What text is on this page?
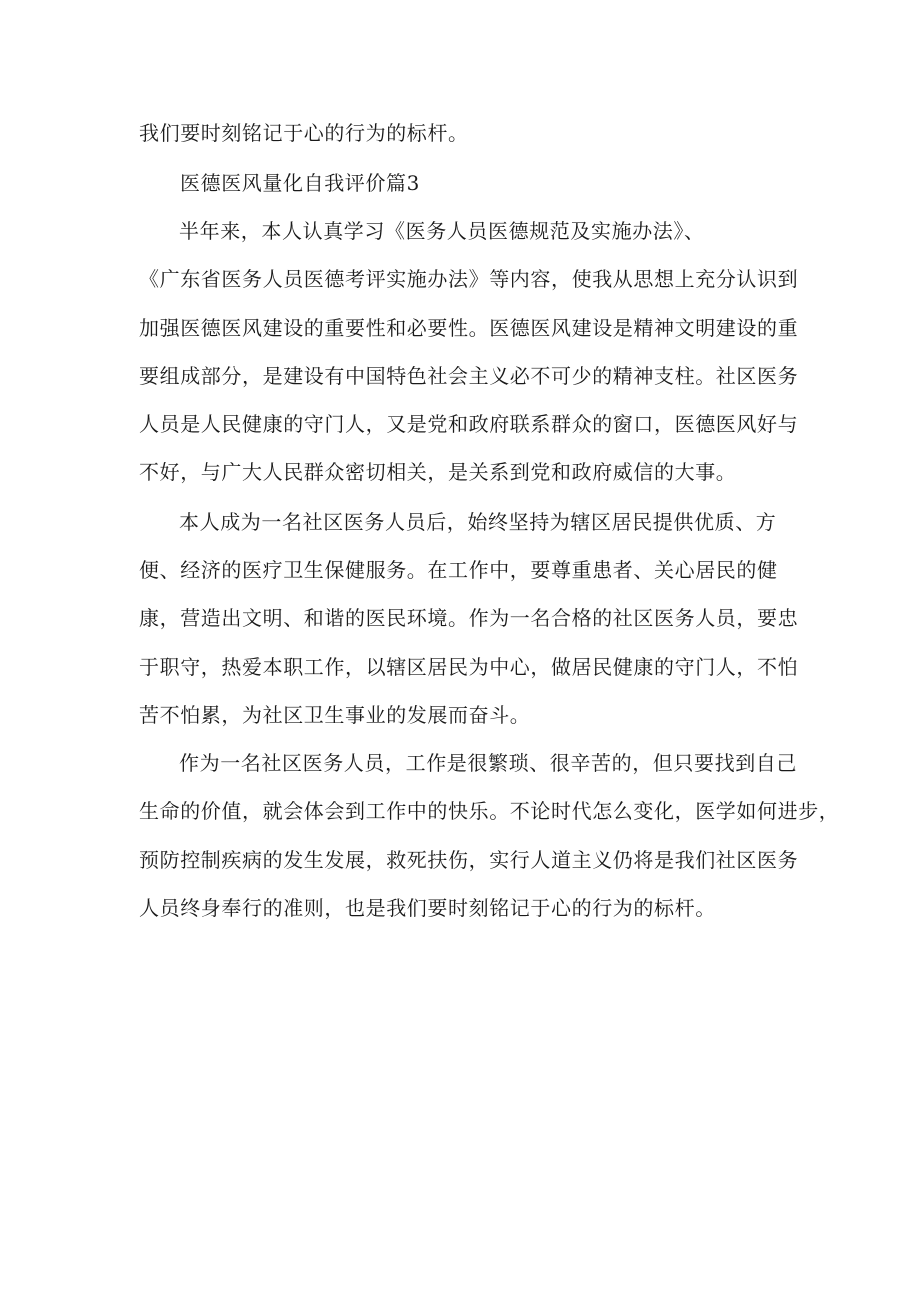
我们要时刻铭记于心的行为的标杆。
医德医风量化自我评价篇3
半年来，本人认真学习《医务人员医德规范及实施办法》、
《广东省医务人员医德考评实施办法》等内容，使我从思想上充分认识到
加强医德医风建设的重要性和必要性。医德医风建设是精神文明建设的重
要组成部分，是建设有中国特色社会主义必不可少的精神支柱。社区医务
人员是人民健康的守门人，又是党和政府联系群众的窗口，医德医风好与
不好，与广大人民群众密切相关，是关系到党和政府威信的大事。
本人成为一名社区医务人员后，始终坚持为辖区居民提供优质、方
便、经济的医疗卫生保健服务。在工作中，要尊重患者、关心居民的健
康，营造出文明、和谐的医民环境。作为一名合格的社区医务人员，要忠
于职守，热爱本职工作，以辖区居民为中心，做居民健康的守门人，不怕
苦不怕累，为社区卫生事业的发展而奋斗。
作为一名社区医务人员，工作是很繁琐、很辛苦的，但只要找到自己
生命的价值，就会体会到工作中的快乐。不论时代怎么变化，医学如何进步，
预防控制疾病的发生发展，救死扶伤，实行人道主义仍将是我们社区医务
人员终身奉行的准则，也是我们要时刻铭记于心的行为的标杆。
